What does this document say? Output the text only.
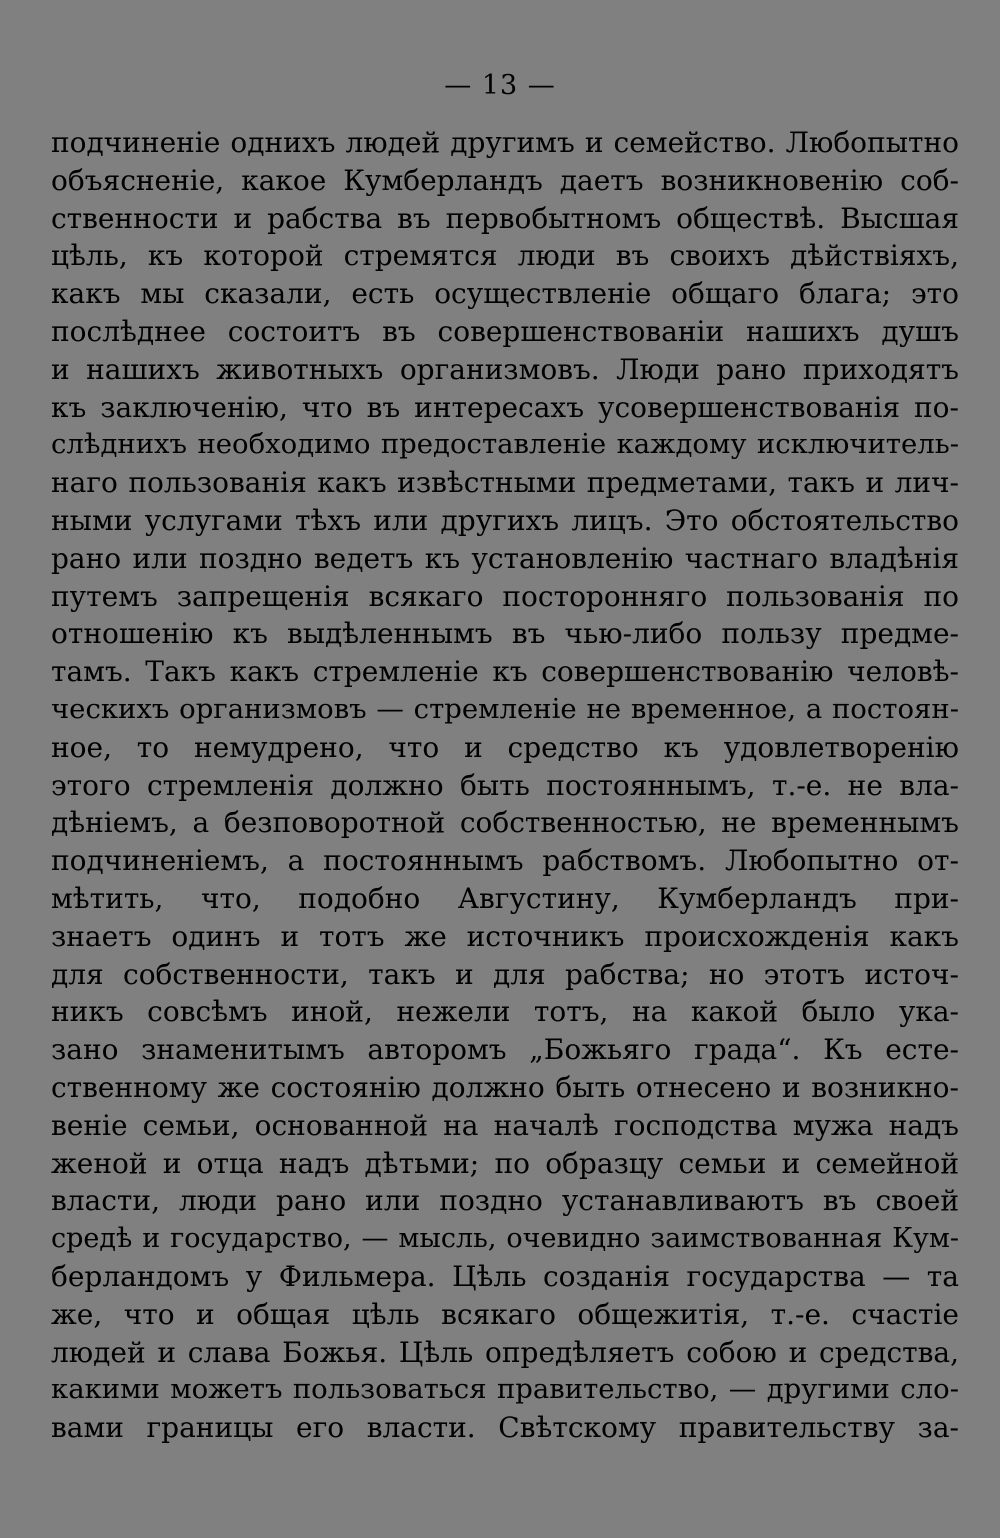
— 13 —
подчиненіе однихъ людей другимъ и семейство. Любопытно
объясненіе, какое Кумберландъ даетъ возникновенію соб-
ственности и рабства въ первобытномъ обществѣ. Высшая
цѣль, къ которой стремятся люди въ своихъ дѣйствіяхъ,
какъ мы сказали, есть осуществленіе общаго блага; это
послѣднее состоитъ въ совершенствованіи нашихъ душъ
и нашихъ животныхъ организмовъ. Люди рано приходятъ
къ заключенію, что въ интересахъ усовершенствованія по-
слѣднихъ необходимо предоставленіе каждому исключитель-
наго пользованія какъ извѣстными предметами, такъ и лич-
ными услугами тѣхъ или другихъ лицъ. Это обстоятельство
рано или поздно ведетъ къ установленію частнаго владѣнія
путемъ запрещенія всякаго посторонняго пользованія по
отношенію къ выдѣленнымъ въ чью-либо пользу предме-
тамъ. Такъ какъ стремленіе къ совершенствованію человѣ-
ческихъ организмовъ — стремленіе не временное, а постоян-
ное, то немудрено, что и средство къ удовлетворенію
этого стремленія должно быть постояннымъ, т.-е. не вла-
дѣніемъ, а безповоротной собственностью, не временнымъ
подчиненіемъ, а постояннымъ рабствомъ. Любопытно от-
мѣтить, что, подобно Августину, Кумберландъ при-
знаетъ одинъ и тотъ же источникъ происхожденія какъ
для собственности, такъ и для рабства; но этотъ источ-
никъ совсѣмъ иной, нежели тотъ, на какой было ука-
зано знаменитымъ авторомъ „Божьяго града“. Къ есте-
ственному же состоянію должно быть отнесено и возникно-
веніе семьи, основанной на началѣ господства мужа надъ
женой и отца надъ дѣтьми; по образцу семьи и семейной
власти, люди рано или поздно устанавливаютъ въ своей
средѣ и государство, — мысль, очевидно заимствованная Кум-
берландомъ у Фильмера. Цѣль созданія государства — та
же, что и общая цѣль всякаго общежитія, т.-е. счастіе
людей и слава Божья. Цѣль опредѣляетъ собою и средства,
какими можетъ пользоваться правительство, — другими сло-
вами границы его власти. Свѣтскому правительству за-
